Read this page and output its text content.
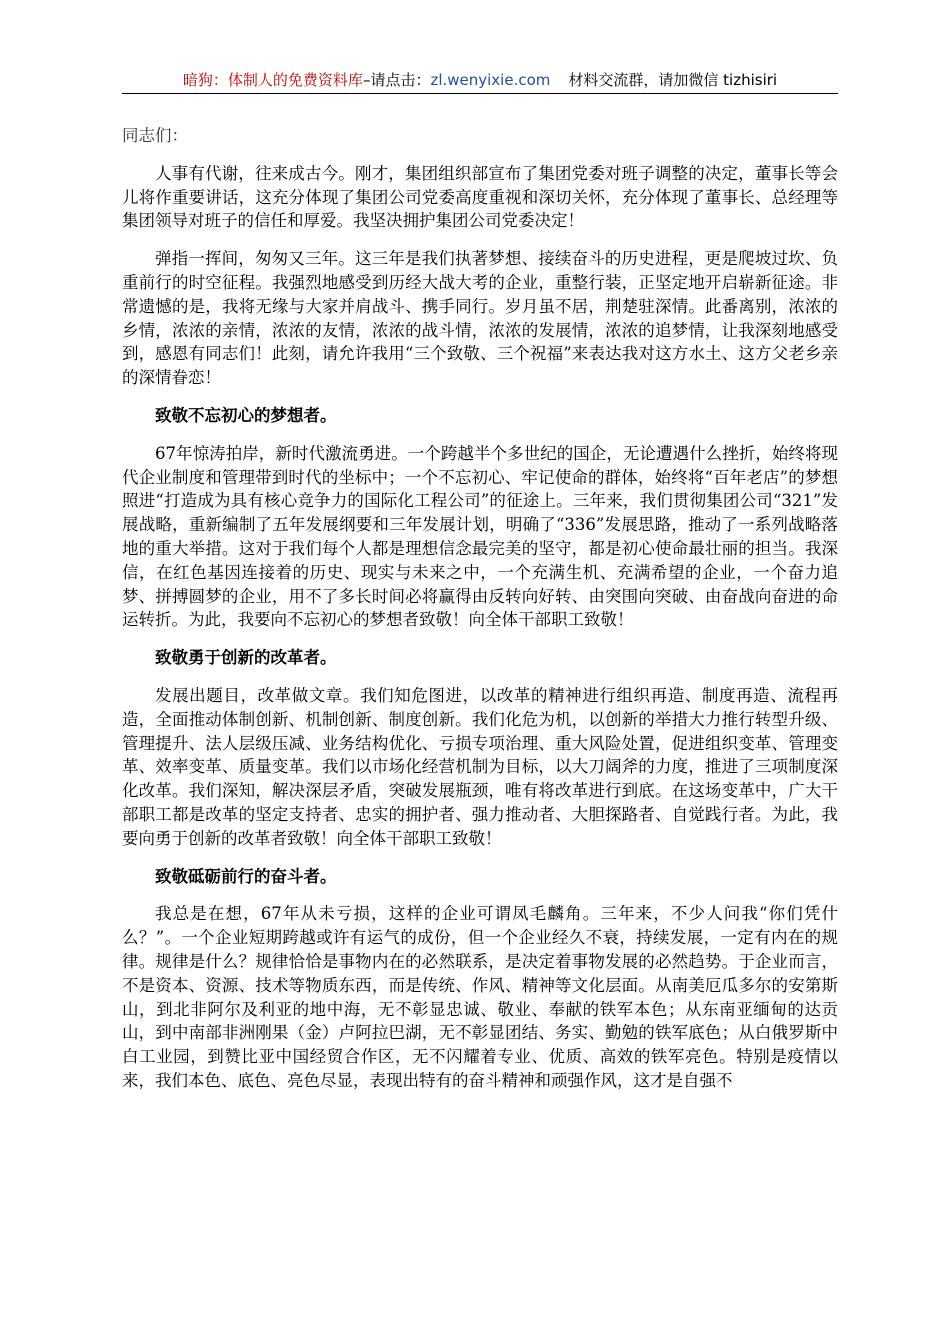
暗狗：体制人的免费资料库–请点击：zl.wenyixie.com 材料交流群，请加微信 tizhisiri

同志们：

人事有代谢，往来成古今。刚才，集团组织部宣布了集团党委对班子调整的决定，董事长等会儿将作重要讲话，这充分体现了集团公司党委高度重视和深切关怀，充分体现了董事长、总经理等集团领导对班子的信任和厚爱。我坚决拥护集团公司党委决定！

弹指一挥间，匆匆又三年。这三年是我们执著梦想、接续奋斗的历史进程，更是爬坡过坎、负重前行的时空征程。我强烈地感受到历经大战大考的企业，重整行装，正坚定地开启崭新征途。非常遗憾的是，我将无缘与大家并肩战斗、携手同行。岁月虽不居，荆楚驻深情。此番离别，浓浓的乡情，浓浓的亲情，浓浓的友情，浓浓的战斗情，浓浓的发展情，浓浓的追梦情，让我深刻地感受到，感恩有同志们！此刻，请允许我用“三个致敬、三个祝福”来表达我对这方水土、这方父老乡亲的深情眷恋！

致敬不忘初心的梦想者。

67年惊涛拍岸，新时代激流勇进。一个跨越半个多世纪的国企，无论遭遇什么挫折，始终将现代企业制度和管理带到时代的坐标中；一个不忘初心、牢记使命的群体，始终将“百年老店”的梦想照进“打造成为具有核心竞争力的国际化工程公司”的征途上。三年来，我们贯彻集团公司“321”发展战略，重新编制了五年发展纲要和三年发展计划，明确了“336”发展思路，推动了一系列战略落地的重大举措。这对于我们每个人都是理想信念最完美的坚守，都是初心使命最壮丽的担当。我深信，在红色基因连接着的历史、现实与未来之中，一个充满生机、充满希望的企业，一个奋力追梦、拼搏圆梦的企业，用不了多长时间必将赢得由反转向好转、由突围向突破、由奋战向奋进的命运转折。为此，我要向不忘初心的梦想者致敬！向全体干部职工致敬！

致敬勇于创新的改革者。

发展出题目，改革做文章。我们知危图进，以改革的精神进行组织再造、制度再造、流程再造，全面推动体制创新、机制创新、制度创新。我们化危为机，以创新的举措大力推行转型升级、管理提升、法人层级压减、业务结构优化、亏损专项治理、重大风险处置，促进组织变革、管理变革、效率变革、质量变革。我们以市场化经营机制为目标，以大刀阔斧的力度，推进了三项制度深化改革。我们深知，解决深层矛盾，突破发展瓶颈，唯有将改革进行到底。在这场变革中，广大干部职工都是改革的坚定支持者、忠实的拥护者、强力推动者、大胆探路者、自觉践行者。为此，我要向勇于创新的改革者致敬！向全体干部职工致敬！

致敬砥砺前行的奋斗者。

我总是在想，67年从未亏损，这样的企业可谓凤毛麟角。三年来，不少人问我“你们凭什么？”。一个企业短期跨越或许有运气的成份，但一个企业经久不衰，持续发展，一定有内在的规律。规律是什么？规律恰恰是事物内在的必然联系，是决定着事物发展的必然趋势。于企业而言，不是资本、资源、技术等物质东西，而是传统、作风、精神等文化层面。从南美厄瓜多尔的安第斯山，到北非阿尔及利亚的地中海，无不彰显忠诚、敬业、奉献的铁军本色；从东南亚缅甸的达贡山，到中南部非洲刚果（金）卢阿拉巴湖，无不彰显团结、务实、勤勉的铁军底色；从白俄罗斯中白工业园，到赞比亚中国经贸合作区，无不闪耀着专业、优质、高效的铁军亮色。特别是疫情以来，我们本色、底色、亮色尽显，表现出特有的奋斗精神和顽强作风，这才是自强不
